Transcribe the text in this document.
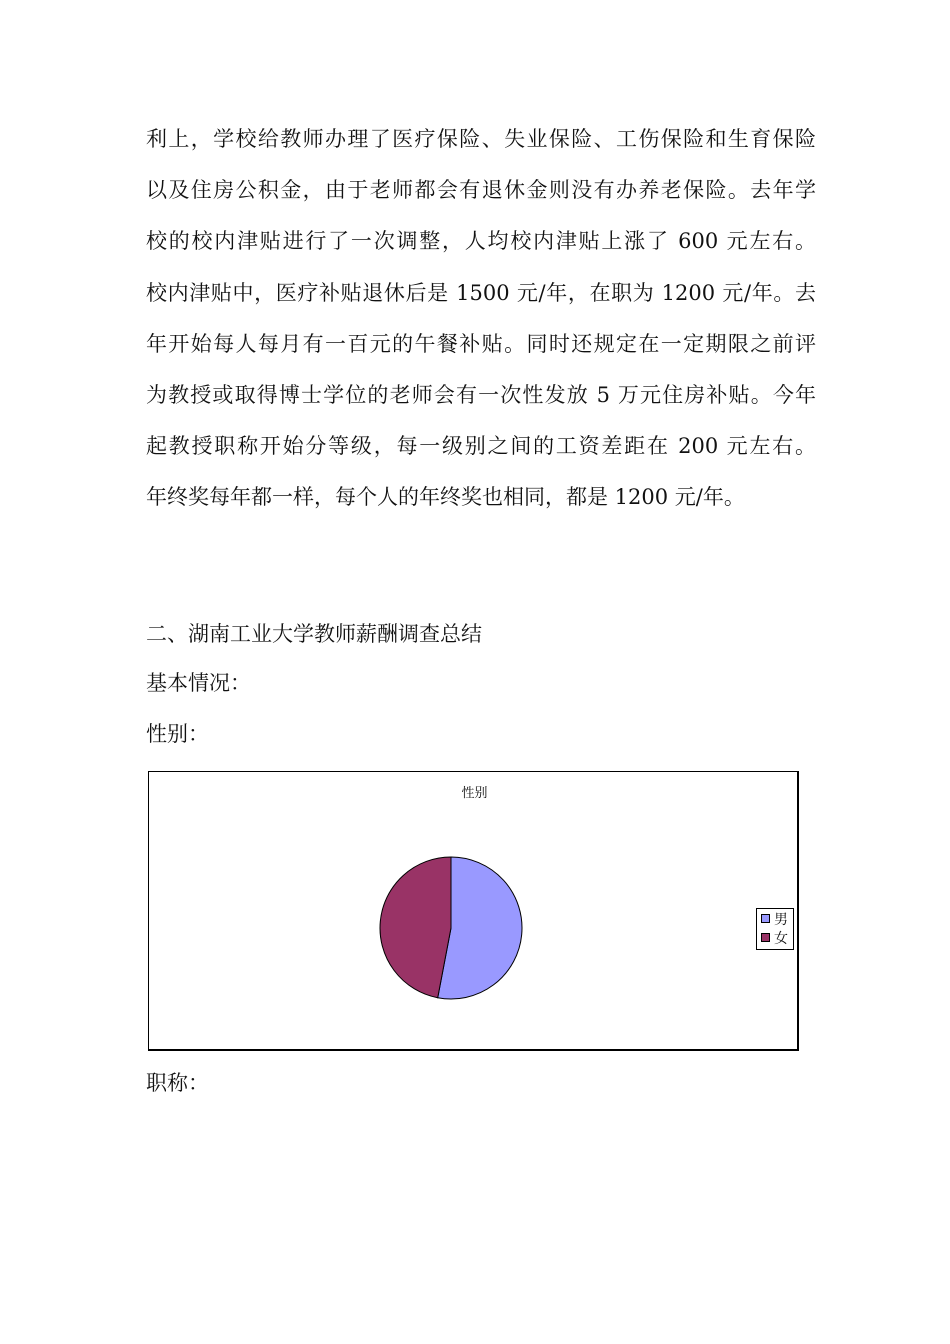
利上，学校给教师办理了医疗保险、失业保险、工伤保险和生育保险
以及住房公积金，由于老师都会有退休金则没有办养老保险。去年学
校的校内津贴进行了一次调整，人均校内津贴上涨了 600 元左右。
校内津贴中，医疗补贴退休后是 1500 元/年，在职为 1200 元/年。去
年开始每人每月有一百元的午餐补贴。同时还规定在一定期限之前评
为教授或取得博士学位的老师会有一次性发放 5 万元住房补贴。今年
起教授职称开始分等级，每一级别之间的工资差距在 200 元左右。
年终奖每年都一样，每个人的年终奖也相同，都是 1200 元/年。
二、湖南工业大学教师薪酬调查总结
基本情况：
性别：
性别
男
女
职称：
